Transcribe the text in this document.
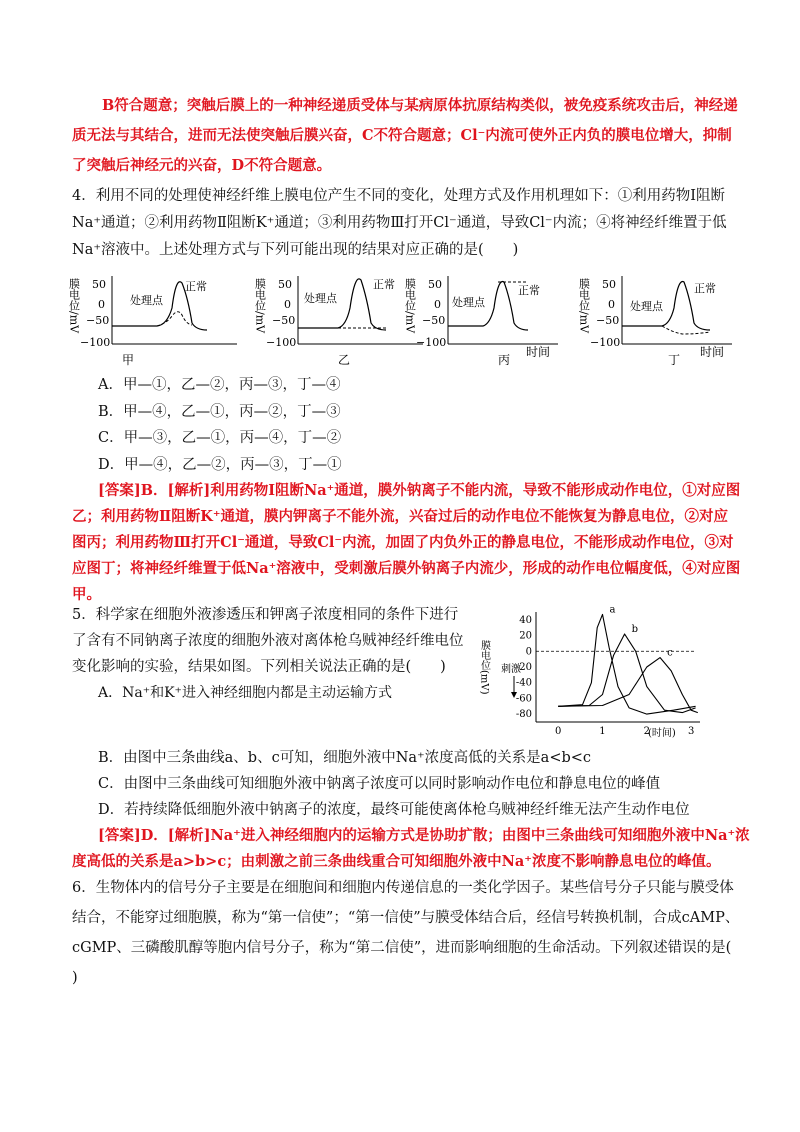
B符合题意；突触后膜上的一种神经递质受体与某病原体抗原结构类似，被免疫系统攻击后，神经递
质无法与其结合，进而无法使突触后膜兴奋，C不符合题意；Cl⁻内流可使外正内负的膜电位增大，抑制
了突触后神经元的兴奋，D不符合题意。
4．利用不同的处理使神经纤维上膜电位产生不同的变化，处理方式及作用机理如下：①利用药物Ⅰ阻断
Na⁺通道；②利用药物Ⅱ阻断K⁺通道；③利用药物Ⅲ打开Cl⁻通道，导致Cl⁻内流；④将神经纤维置于低
Na⁺溶液中。上述处理方式与下列可能出现的结果对应正确的是(　　)
膜电位/mV 50
0
−50
−100
正常
处理点
甲
膜电位/mV 50
0
−50
−100
正常
处理点
乙
膜电位/mV 50
0
−50
−100
正常
处理点
丙
时间
膜电位/mV 50
0
−50
−100
正常
处理点
丁
时间
A．甲—①，乙—②，丙—③，丁—④
B．甲—④，乙—①，丙—②，丁—③
C．甲—③，乙—①，丙—④，丁—②
D．甲—④，乙—②，丙—③，丁—①
[答案]B．[解析]利用药物Ⅰ阻断Na⁺通道，膜外钠离子不能内流，导致不能形成动作电位，①对应图
乙；利用药物Ⅱ阻断K⁺通道，膜内钾离子不能外流，兴奋过后的动作电位不能恢复为静息电位，②对应
图丙；利用药物Ⅲ打开Cl⁻通道，导致Cl⁻内流，加固了内负外正的静息电位，不能形成动作电位，③对
应图丁；将神经纤维置于低Na⁺溶液中，受刺激后膜外钠离子内流少，形成的动作电位幅度低，④对应图
甲。
5．科学家在细胞外液渗透压和钾离子浓度相同的条件下进行
了含有不同钠离子浓度的细胞外液对离体枪乌贼神经纤维电位
变化影响的实验，结果如图。下列相关说法正确的是(　　)
A．Na⁺和K⁺进入神经细胞内都是主动运输方式	膜电位(mV)
40
20
0
-20
-40
-60
-80
0	1	2	3
a
b
c
刺激
(时间)
B．由图中三条曲线a、b、c可知，细胞外液中Na⁺浓度高低的关系是a<b<c
C．由图中三条曲线可知细胞外液中钠离子浓度可以同时影响动作电位和静息电位的峰值
D．若持续降低细胞外液中钠离子的浓度，最终可能使离体枪乌贼神经纤维无法产生动作电位
[答案]D．[解析]Na⁺进入神经细胞内的运输方式是协助扩散；由图中三条曲线可知细胞外液中Na⁺浓
度高低的关系是a>b>c；由刺激之前三条曲线重合可知细胞外液中Na⁺浓度不影响静息电位的峰值。
6．生物体内的信号分子主要是在细胞间和细胞内传递信息的一类化学因子。某些信号分子只能与膜受体
结合，不能穿过细胞膜，称为“第一信使”；“第一信使”与膜受体结合后，经信号转换机制，合成cAMP、
cGMP、三磷酸肌醇等胞内信号分子，称为“第二信使”，进而影响细胞的生命活动。下列叙述错误的是(
)
